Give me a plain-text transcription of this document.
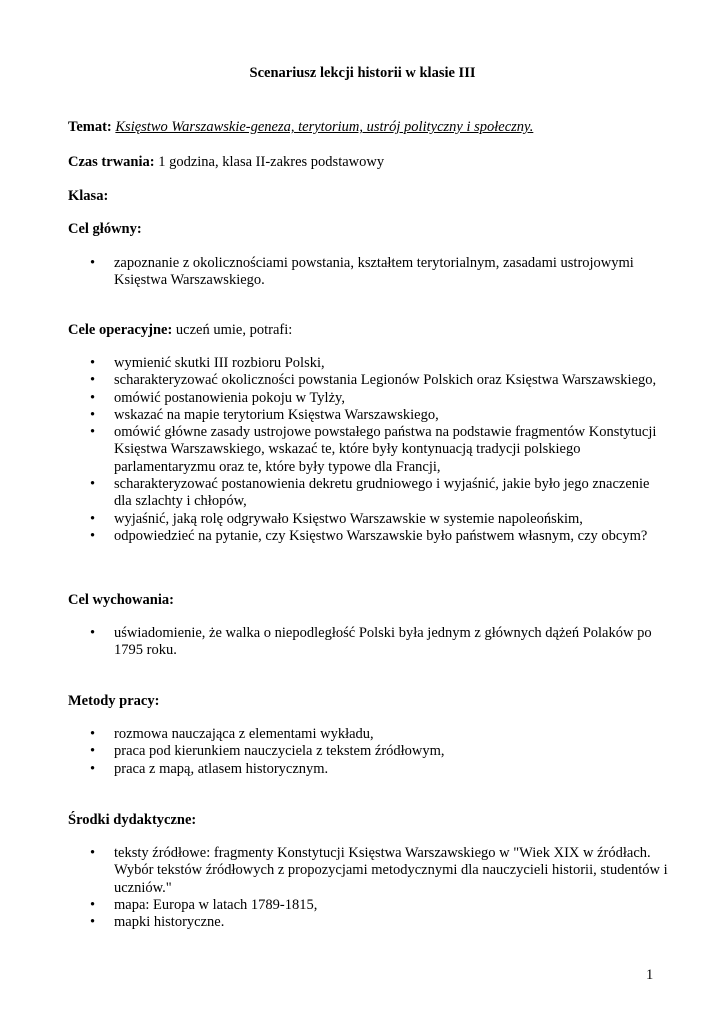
Scenariusz lekcji historii w klasie III
Temat: Księstwo Warszawskie-geneza, terytorium, ustrój polityczny i społeczny.
Czas trwania: 1 godzina, klasa II-zakres podstawowy
Klasa:
Cel główny:
• zapoznanie z okolicznościami powstania, kształtem terytorialnym, zasadami ustrojowymi Księstwa Warszawskiego.
Cele operacyjne: uczeń umie, potrafi:
• wymienić skutki III rozbioru Polski,
• scharakteryzować okoliczności powstania Legionów Polskich oraz Księstwa Warszawskiego,
• omówić postanowienia pokoju w Tylży,
• wskazać na mapie terytorium Księstwa Warszawskiego,
• omówić główne zasady ustrojowe powstałego państwa na podstawie fragmentów Konstytucji Księstwa Warszawskiego, wskazać te, które były kontynuacją tradycji polskiego parlamentaryzmu oraz te, które były typowe dla Francji,
• scharakteryzować postanowienia dekretu grudniowego i wyjaśnić, jakie było jego znaczenie dla szlachty i chłopów,
• wyjaśnić, jaką rolę odgrywało Księstwo Warszawskie w systemie napoleońskim,
• odpowiedzieć na pytanie, czy Księstwo Warszawskie było państwem własnym, czy obcym?
Cel wychowania:
• uświadomienie, że walka o niepodległość Polski była jednym z głównych dążeń Polaków po 1795 roku.
Metody pracy:
• rozmowa nauczająca z elementami wykładu,
• praca pod kierunkiem nauczyciela z tekstem źródłowym,
• praca z mapą, atlasem historycznym.
Środki dydaktyczne:
• teksty źródłowe: fragmenty Konstytucji Księstwa Warszawskiego w "Wiek XIX w źródłach. Wybór tekstów źródłowych z propozycjami metodycznymi dla nauczycieli historii, studentów i uczniów."
• mapa: Europa w latach 1789-1815,
• mapki historyczne.
1
